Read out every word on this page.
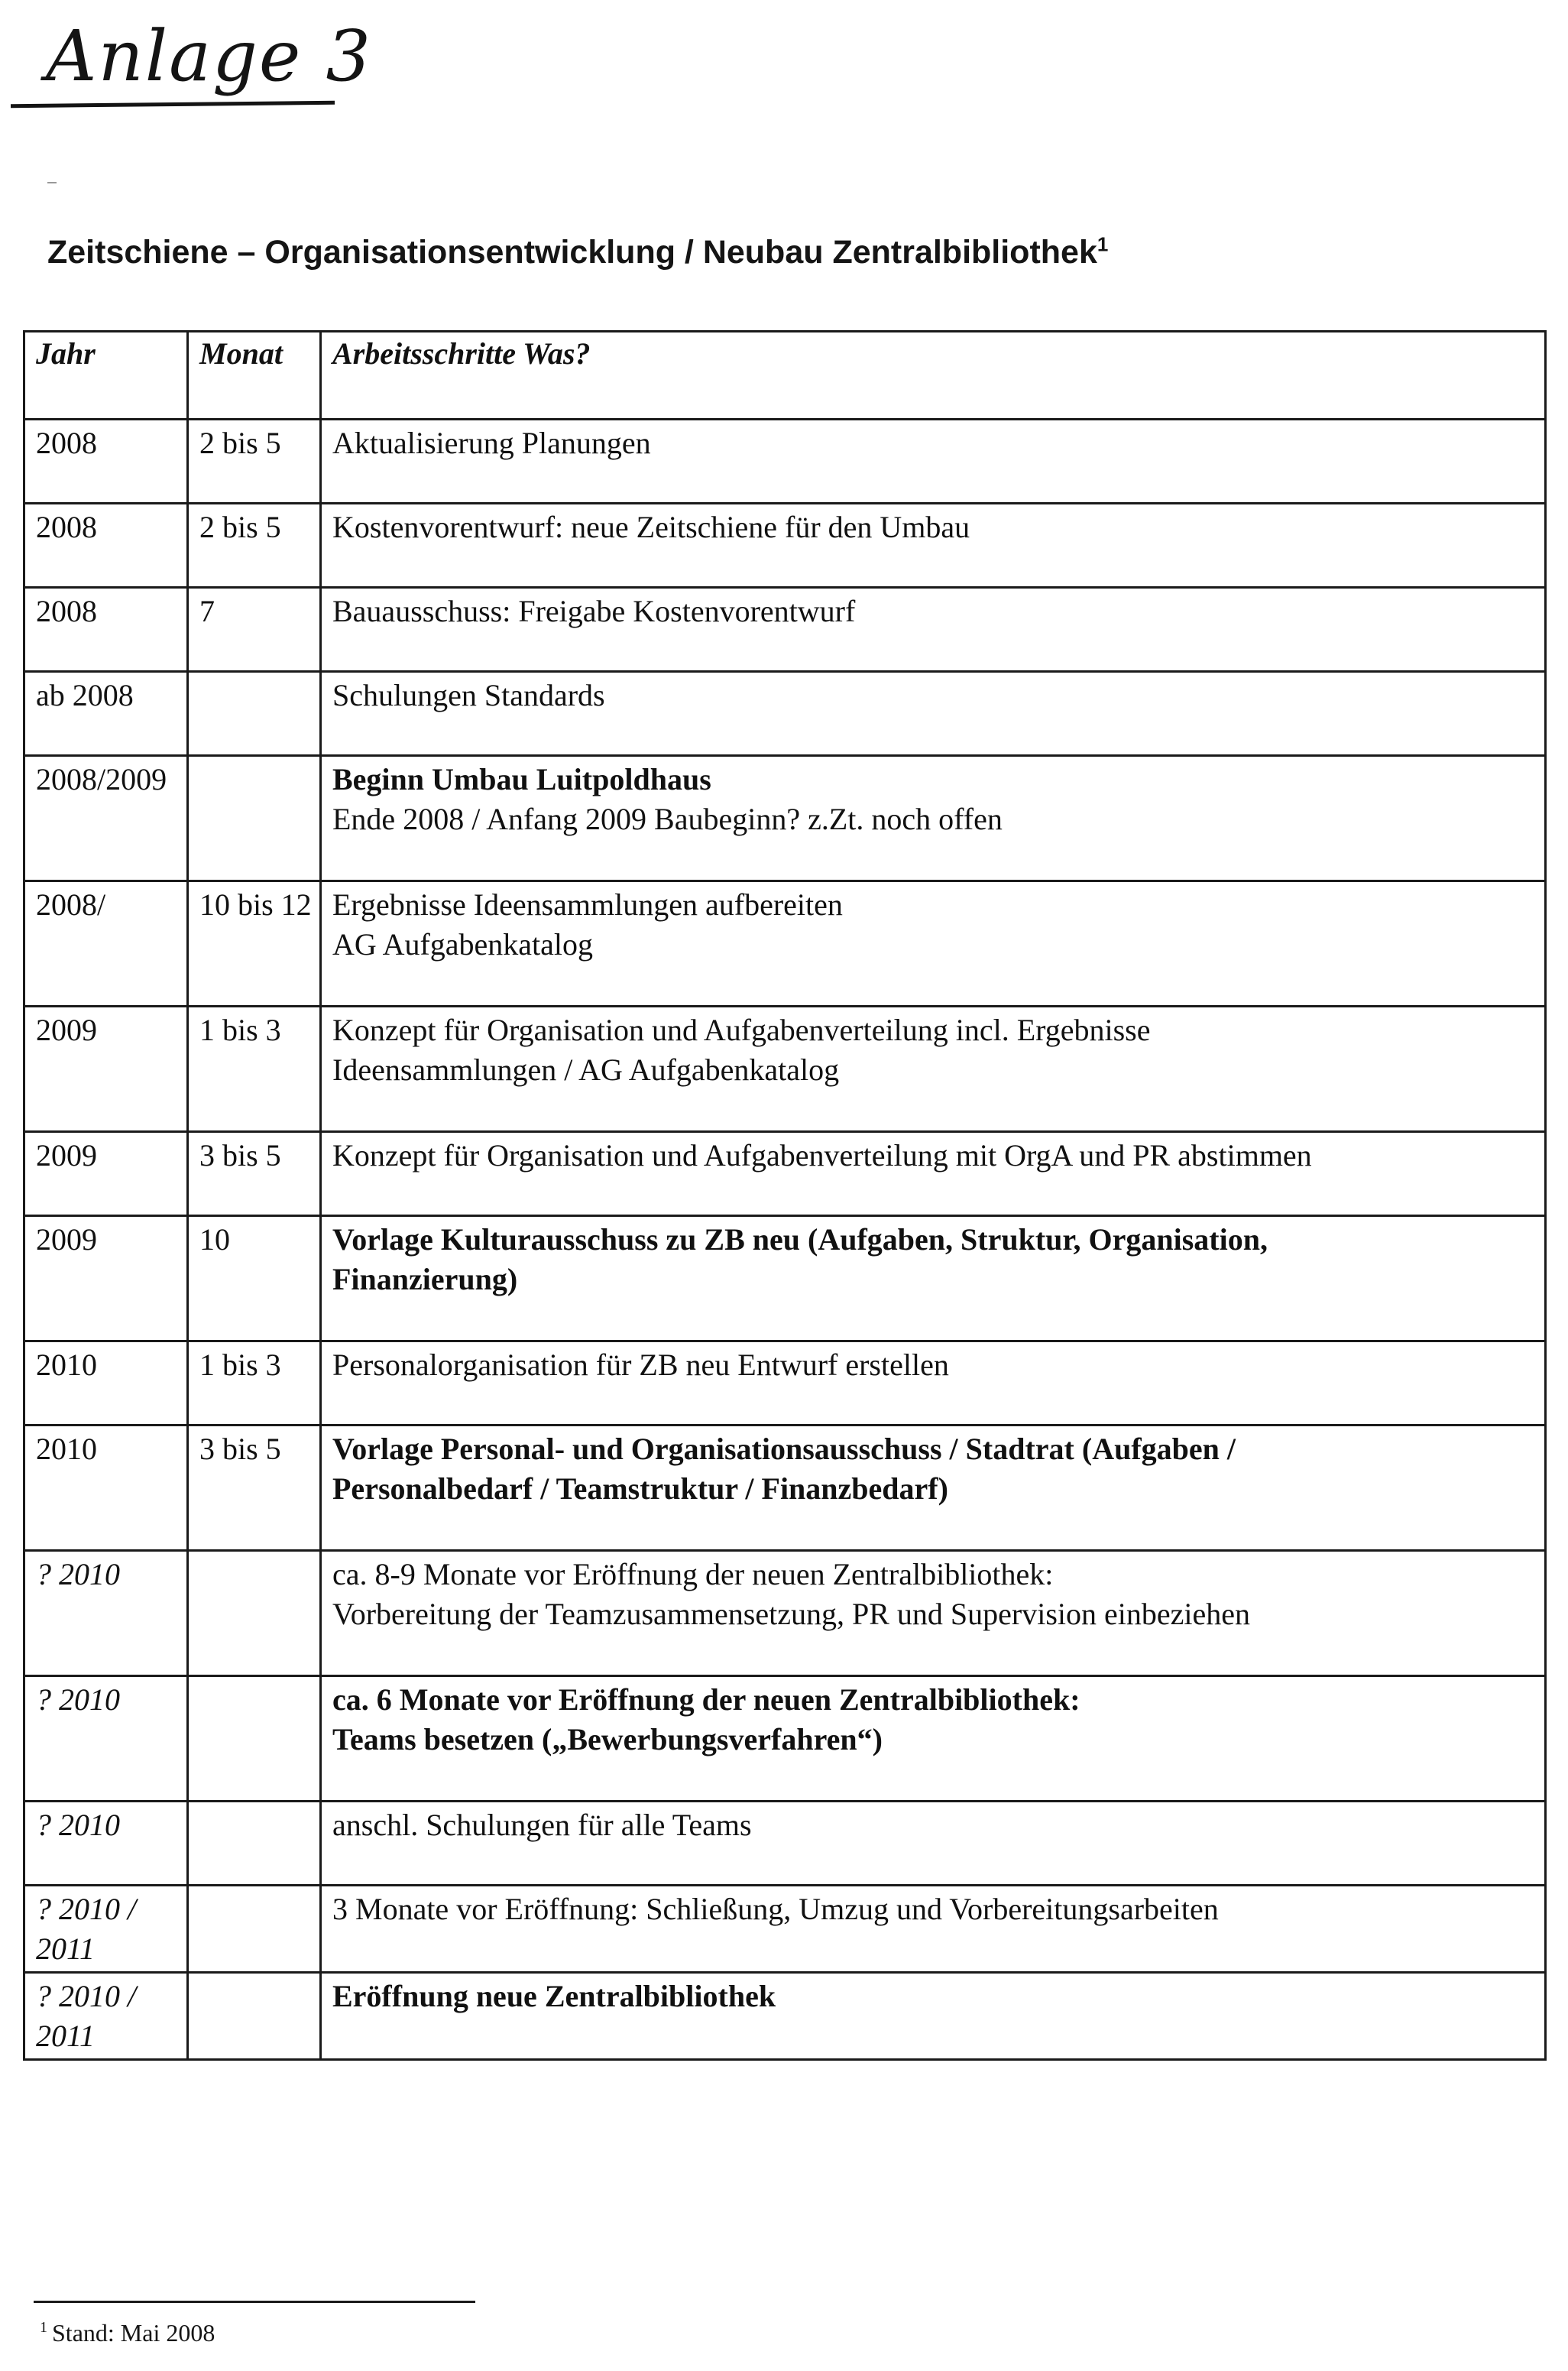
Anlage 3
Zeitschiene – Organisationsentwicklung / Neubau Zentralbibliothek$^1$
Jahr	Monat	Arbeitsschritte Was?
2008	2 bis 5	Aktualisierung Planungen

2008	2 bis 5	Kostenvorentwurf: neue Zeitschiene für den Umbau

2008	7	Bauausschuss: Freigabe Kostenvorentwurf

ab 2008		Schulungen Standards

2008/2009		Beginn Umbau Luitpoldhaus
Ende 2008 / Anfang 2009 Baubeginn? z.Zt. noch offen

2008/	10 bis 12	Ergebnisse Ideensammlungen aufbereiten
AG Aufgabenkatalog

2009	1 bis 3	Konzept für Organisation und Aufgabenverteilung incl. Ergebnisse
Ideensammlungen / AG Aufgabenkatalog

2009	3 bis 5	Konzept für Organisation und Aufgabenverteilung mit OrgA und PR abstimmen

2009	10	Vorlage Kulturausschuss zu ZB neu (Aufgaben, Struktur, Organisation,
Finanzierung)

2010	1 bis 3	Personalorganisation für ZB neu Entwurf erstellen

2010	3 bis 5	Vorlage Personal- und Organisationsausschuss / Stadtrat (Aufgaben /
Personalbedarf / Teamstruktur / Finanzbedarf)

? 2010		ca. 8-9 Monate vor Eröffnung der neuen Zentralbibliothek:
Vorbereitung der Teamzusammensetzung, PR und Supervision einbeziehen

? 2010		ca. 6 Monate vor Eröffnung der neuen Zentralbibliothek:
Teams besetzen („Bewerbungsverfahren“)

? 2010		anschl. Schulungen für alle Teams

? 2010 / 2011		3 Monate vor Eröffnung: Schließung, Umzug und Vorbereitungsarbeiten

? 2010 / 2011		Eröffnung neue Zentralbibliothek
$^1$ Stand: Mai 2008
